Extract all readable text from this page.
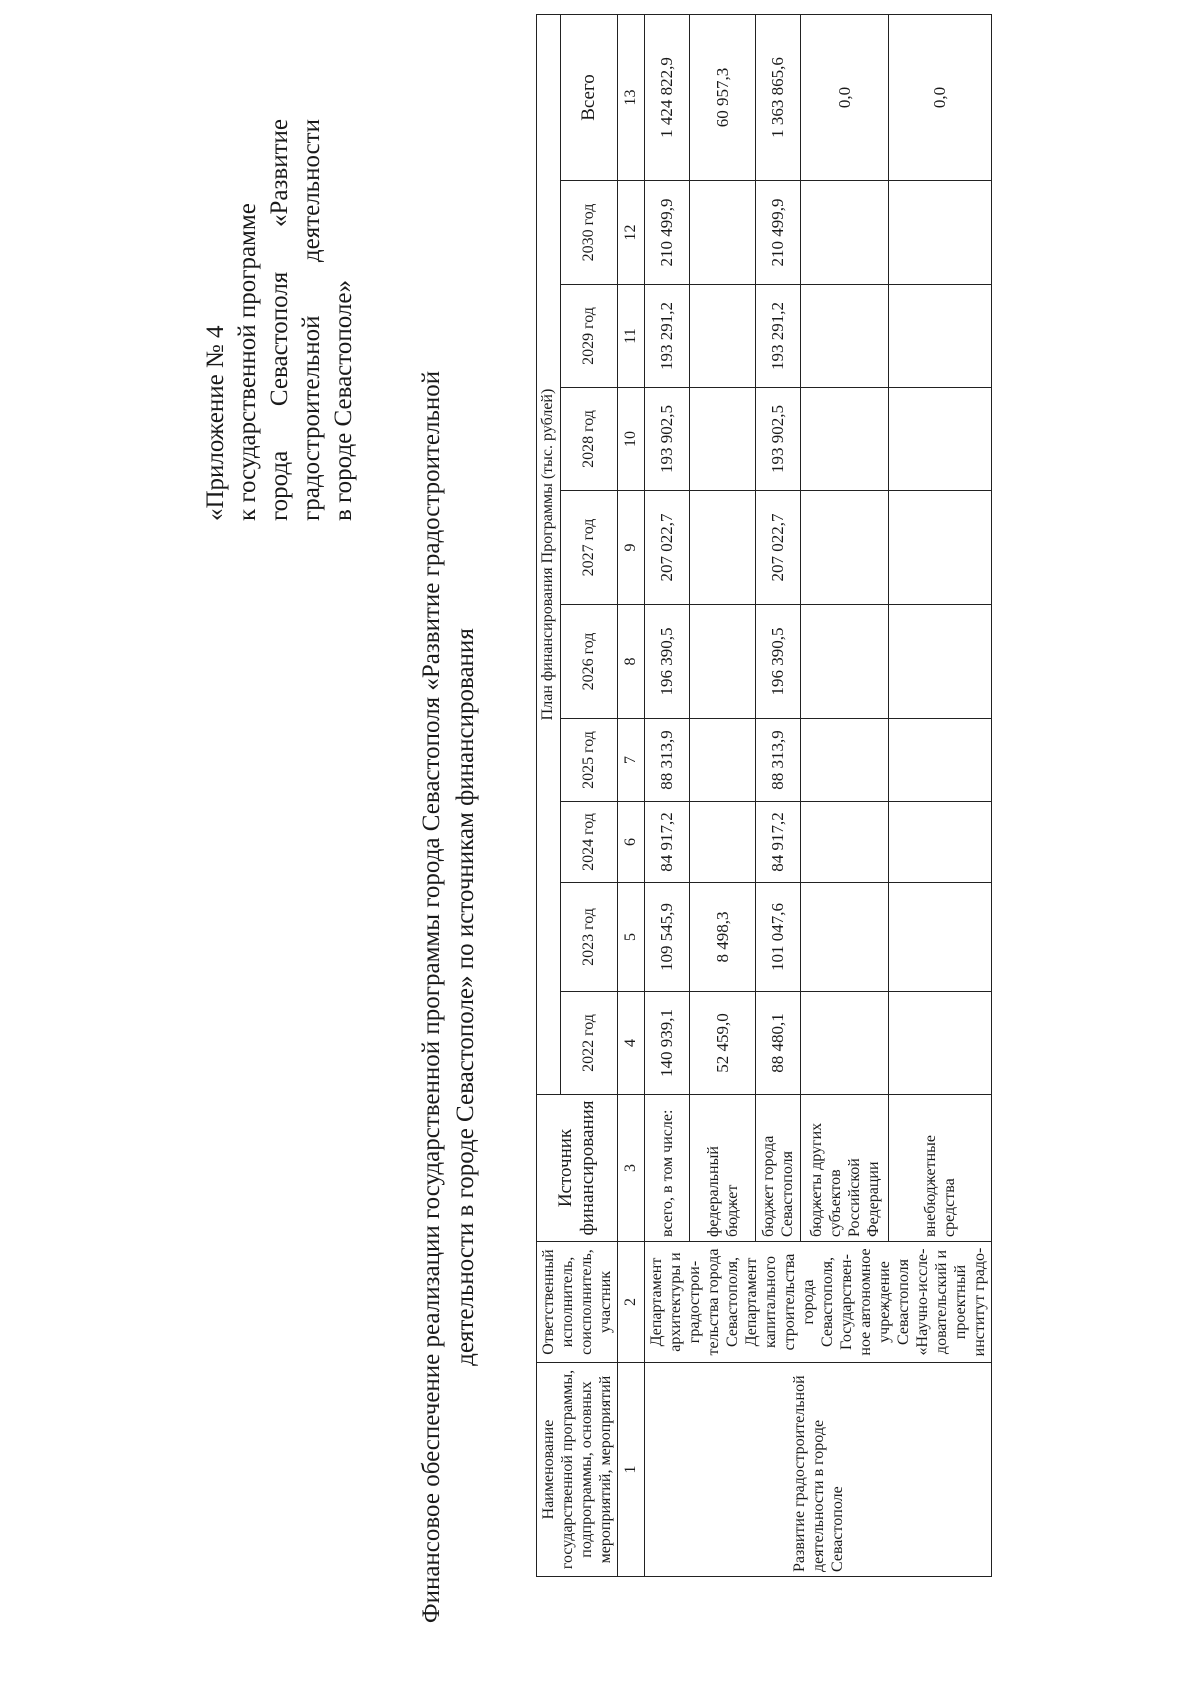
«Приложение № 4 к государственной программе города
Севастополя
«Развитие
градостроительной
деятельности
в городе Севастополе» Финансовое обеспечение реализации государственной программы города Севастополя «Развитие градостроительной деятельности в городе Севастополе» по источникам финансирования
Наименование государственной программы, подпрограммы, основных мероприятий, мероприятий	Ответственный исполнитель, соисполнитель, участник	Источник финансирования	План финансирования Программы (тыс. рублей)									
			2022 год	2023 год	2024 год	2025 год	2026 год	2027 год	2028 год	2029 год	2030 год	Всего
1	2	3	4	5	6	7	8	9	10	11	12	13
Развитие градостроительной деятельности в городе Севастополе	Департамент архитектуры и градострои-тельства города Севастополя, Департамент капитального строительства города Севастополя, Государствен-ное автономное учреждение Севастополя «Научно-иссле-довательский и проектный институт градо-	всего, в том числе:	140 939,1	109 545,9	84 917,2	88 313,9	196 390,5	207 022,7	193 902,5	193 291,2	210 499,9	1 424 822,9
		федеральный бюджет	52 459,0	8 498,3								60 957,3
		бюджет города Севастополя	88 480,1	101 047,6	84 917,2	88 313,9	196 390,5	207 022,7	193 902,5	193 291,2	210 499,9	1 363 865,6
		бюджеты других субъектов Российской Федерации										0,0
		внебюджетные средства										0,0
